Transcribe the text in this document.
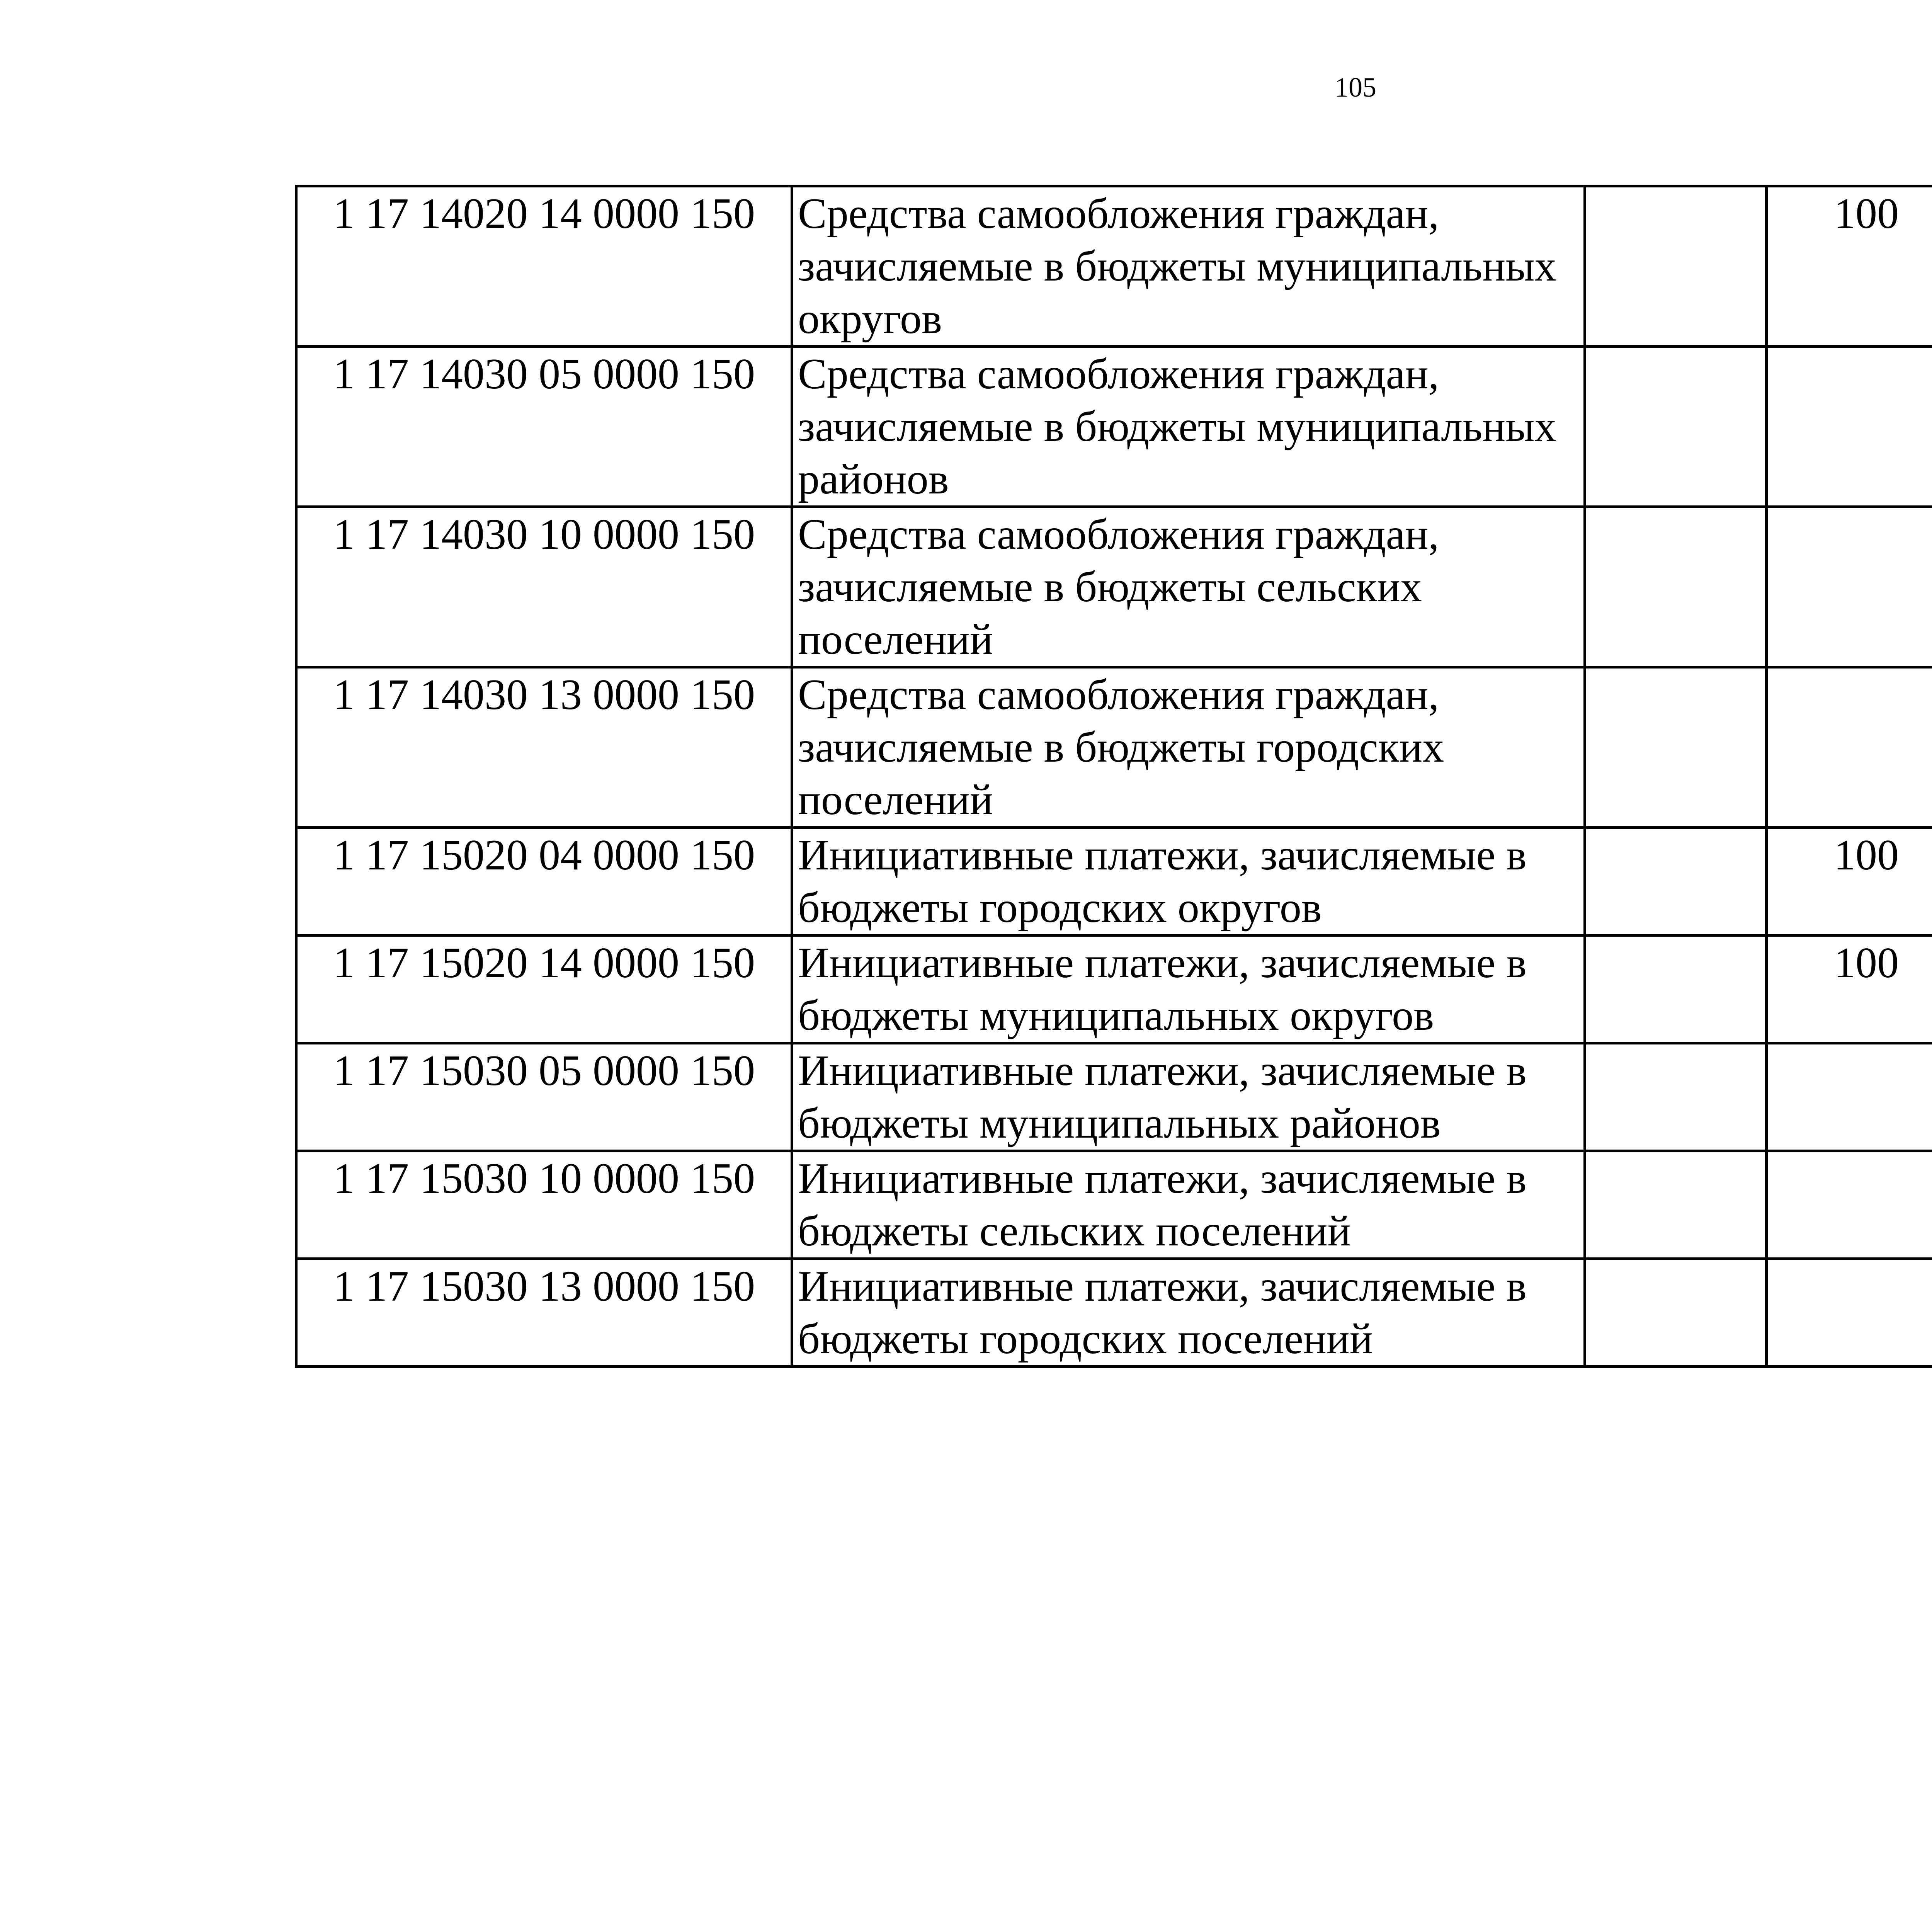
105
1 17 14020 14 0000 150	Средства самообложения граждан,
зачисляемые в бюджеты муниципальных
округов		100			
1 17 14030 05 0000 150	Средства самообложения граждан,
зачисляемые в бюджеты муниципальных
районов

1 17 14030 10 0000 150	Средства самообложения граждан,
зачисляемые в бюджеты сельских
поселений

1 17 14030 13 0000 150	Средства самообложения граждан,
зачисляемые в бюджеты городских
поселений

1 17 15020 04 0000 150	Инициативные платежи, зачисляемые в
бюджеты городских округов		100			
1 17 15020 14 0000 150	Инициативные платежи, зачисляемые в
бюджеты муниципальных округов		100			
1 17 15030 05 0000 150	Инициативные платежи, зачисляемые в
бюджеты муниципальных районов

1 17 15030 10 0000 150	Инициативные платежи, зачисляемые в
бюджеты сельских поселений

1 17 15030 13 0000 150	Инициативные платежи, зачисляемые в
бюджеты городских поселений
